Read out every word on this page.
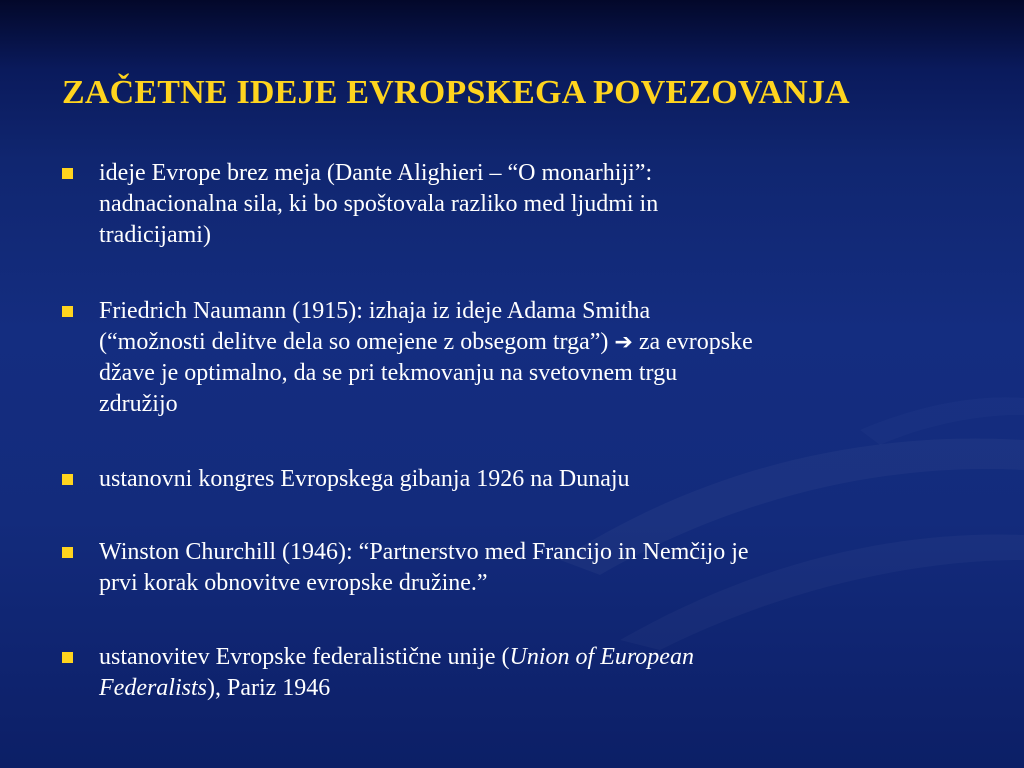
ZAČETNE IDEJE EVROPSKEGA POVEZOVANJA
ideje Evrope brez meja (Dante Alighieri – “O monarhiji”:
nadnacionalna sila, ki bo spoštovala razliko med ljudmi in
tradicijami)
Friedrich Naumann (1915): izhaja iz ideje Adama Smitha
(“možnosti delitve dela so omejene z obsegom trga”) ➔ za evropske
džave je optimalno, da se pri tekmovanju na svetovnem trgu
združijo
ustanovni kongres Evropskega gibanja 1926 na Dunaju
Winston Churchill (1946): “Partnerstvo med Francijo in Nemčijo je
prvi korak obnovitve evropske družine.”
ustanovitev Evropske federalistične unije (Union of European
Federalists), Pariz 1946
